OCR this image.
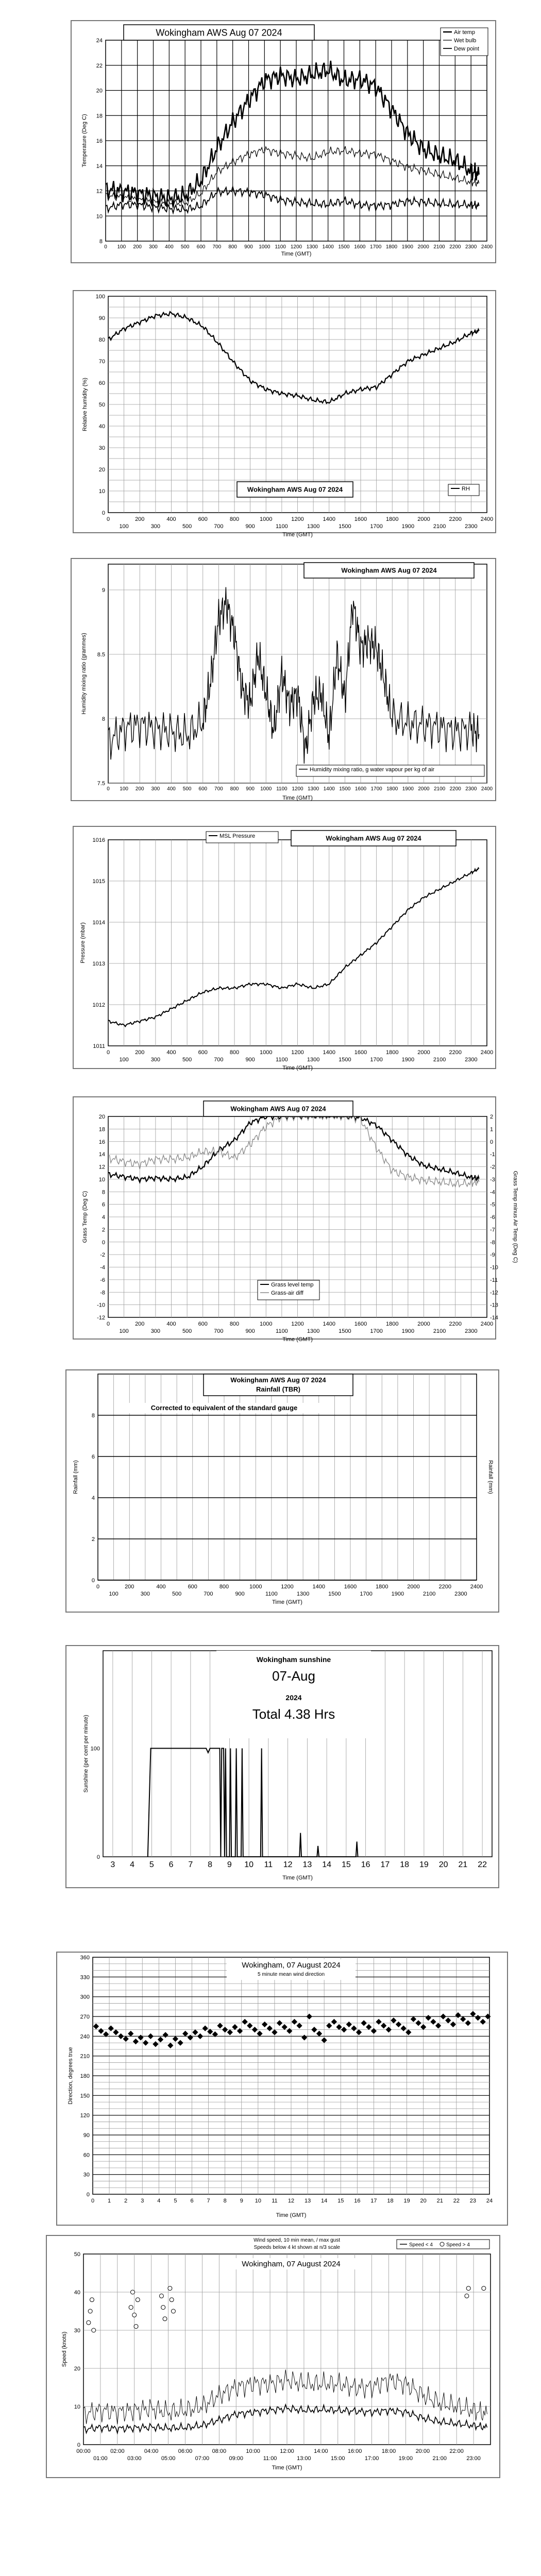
8
10
12
14
16
18
20
22
24
0 100 200 300 400 500 600 700 800 900 1000 1100 1200 1300 1400 1500 1600 1700 1800 1900 2000 2100 2200 2300 2400
Time (GMT)
Temperature (Deg C)
Wokingham AWS Aug 07 2024	Air temp
Wet bulb
Dew point
0
10
20
30
40
50
60
70
80
90
100
0	200	400	600	800	1000	1200	1400	1600	1800	2000	2200	2400
100	300	500	700	900	1100	1300	1500	1700	1900	2100	2300
Time (GMT)
Relative humidity (%)
Wokingham AWS Aug 07 2024	RH
7.5
8
8.5
9
0 100 200 300 400 500 600 700 800 900 1000 1100 1200 1300 1400 1500 1600 1700 1800 1900 2000 2100 2200 2300 2400
Time (GMT)
Humidity mixing ratio (grammes)
Wokingham AWS Aug 07 2024
Humidity mixing ratio, g water vapour per kg of air
1011
1012
1013
1014
1015
1016
0	200	400	600	800	1000	1200	1400	1600	1800	2000	2200	2400
100	300	500	700	900	1100	1300	1500	1700	1900	2100	2300
Time (GMT)
Pressure (mbar)
Wokingham AWS Aug 07 2024
MSL Pressure
-12
-10
-8
-6
-4
-2
0
2
4
6
8
10
12
14
16
18
20
-14
-13
-12
-11
-10
-9
-8
-7
-6
-5
-4
-3
-2
-1
0
1
2
0	200	400	600	800	1000	1200	1400	1600	1800	2000	2200	2400
100	300	500	700	900	1100	1300	1500	1700	1900	2100	2300
Time (GMT)
Grass Temp (Deg C)	Grass Temp minus Air Temp (Deg C)
Wokingham AWS Aug 07 2024
Grass level temp
Grass-air diff
0
2
4
6
8
0	200	400	600	800	1000	1200	1400	1600	1800	2000	2200	2400
100	300	500	700	900	1100	1300	1500	1700	1900	2100	2300
Time (GMT)
Rainfall (mm)	Rainfall (mm)
Wokingham AWS Aug 07 2024
Rainfall (TBR)
Corrected to equivalent of the standard gauge
3 4 5 6 7 8 9 10 11 12 13 14 15 16 17 18 19 20 21 22
0
100
Time (GMT)
Sunshine (per cent per minute)
Wokingham sunshine
07-Aug
2024
Total 4.38 Hrs
0
30
60
90
120
150
180
210
240
270
300
330
360
0 1 2 3 4 5 6 7 8 9 10 11 12 13 14 15 16 17 18 19 20 21 22 23 24
Time (GMT)
Direction, degrees true
Wokingham, 07 August 2024
5 minute mean wind direction
0
10
20
30
40
50
00:00	02:00	04:00	06:00	08:00	10:00	12:00	14:00	16:00	18:00	20:00	22:00
01:00	03:00	05:00	07:00	09:00	11:00	13:00	15:00	17:00	19:00	21:00	23:00
Time (GMT)
Speed (knots)
Wind speed, 10 min mean, / max gust
Speeds below 4 kt shown at n/3 scale	Speed < 4	Speed > 4
Wokingham, 07 August 2024
